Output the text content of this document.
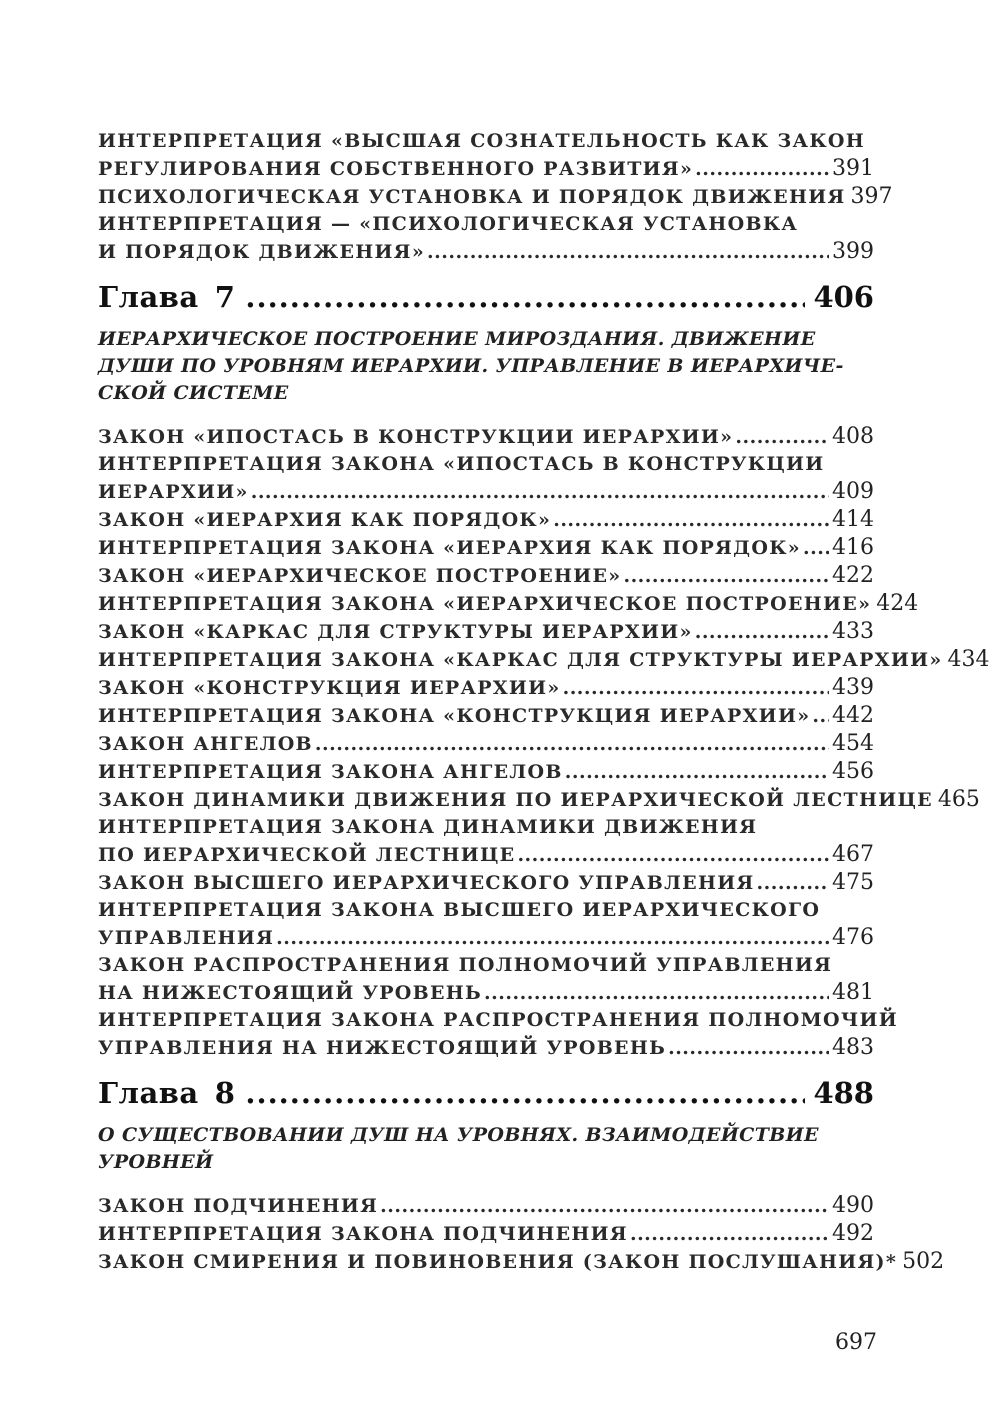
ИНТЕРПРЕТАЦИЯ «ВЫСШАЯ СОЗНАТЕЛЬНОСТЬ КАК ЗАКОН
РЕГУЛИРОВАНИЯ СОБСТВЕННОГО РАЗВИТИЯ» .....	391
ПСИХОЛОГИЧЕСКАЯ УСТАНОВКА И ПОРЯДОК ДВИЖЕНИЯ 397
ИНТЕРПРЕТАЦИЯ — «ПСИХОЛОГИЧЕСКАЯ УСТАНОВКА
И ПОРЯДОК ДВИЖЕНИЯ» .....	399
Глава 7 .....	406
ИЕРАРХИЧЕСКОЕ ПОСТРОЕНИЕ МИРОЗДАНИЯ. ДВИЖЕНИЕ
ДУШИ ПО УРОВНЯМ ИЕРАРХИИ. УПРАВЛЕНИЕ В ИЕРАРХИЧЕ-
СКОЙ СИСТЕМЕ
ЗАКОН «ИПОСТАСЬ В КОНСТРУКЦИИ ИЕРАРХИИ» .....	408
ИНТЕРПРЕТАЦИЯ ЗАКОНА «ИПОСТАСЬ В КОНСТРУКЦИИ
ИЕРАРХИИ» .....	409
ЗАКОН «ИЕРАРХИЯ КАК ПОРЯДОК» .....	414
ИНТЕРПРЕТАЦИЯ ЗАКОНА «ИЕРАРХИЯ КАК ПОРЯДОК» ..... 416
ЗАКОН «ИЕРАРХИЧЕСКОЕ ПОСТРОЕНИЕ» .....	422
ИНТЕРПРЕТАЦИЯ ЗАКОНА «ИЕРАРХИЧЕСКОЕ ПОСТРОЕНИЕ» 424
ЗАКОН «КАРКАС ДЛЯ СТРУКТУРЫ ИЕРАРХИИ» .....	433
ИНТЕРПРЕТАЦИЯ ЗАКОНА «КАРКАС ДЛЯ СТРУКТУРЫ ИЕРАРХИИ» 434
ЗАКОН «КОНСТРУКЦИЯ ИЕРАРХИИ» .....	439
ИНТЕРПРЕТАЦИЯ ЗАКОНА «КОНСТРУКЦИЯ ИЕРАРХИИ» ..... 442
ЗАКОН АНГЕЛОВ .....	454
ИНТЕРПРЕТАЦИЯ ЗАКОНА АНГЕЛОВ .....	456
ЗАКОН ДИНАМИКИ ДВИЖЕНИЯ ПО ИЕРАРХИЧЕСКОЙ ЛЕСТНИЦЕ 465
ИНТЕРПРЕТАЦИЯ ЗАКОНА ДИНАМИКИ ДВИЖЕНИЯ
ПО ИЕРАРХИЧЕСКОЙ ЛЕСТНИЦЕ .....	467
ЗАКОН ВЫСШЕГО ИЕРАРХИЧЕСКОГО УПРАВЛЕНИЯ .....	475
ИНТЕРПРЕТАЦИЯ ЗАКОНА ВЫСШЕГО ИЕРАРХИЧЕСКОГО
УПРАВЛЕНИЯ .....	476
ЗАКОН РАСПРОСТРАНЕНИЯ ПОЛНОМОЧИЙ УПРАВЛЕНИЯ
НА НИЖЕСТОЯЩИЙ УРОВЕНЬ .....	481
ИНТЕРПРЕТАЦИЯ ЗАКОНА РАСПРОСТРАНЕНИЯ ПОЛНОМОЧИЙ
УПРАВЛЕНИЯ НА НИЖЕСТОЯЩИЙ УРОВЕНЬ .....	483
Глава 8 .....	488
О СУЩЕСТВОВАНИИ ДУШ НА УРОВНЯХ. ВЗАИМОДЕЙСТВИЕ
УРОВНЕЙ
ЗАКОН ПОДЧИНЕНИЯ .....	490
ИНТЕРПРЕТАЦИЯ ЗАКОНА ПОДЧИНЕНИЯ .....	492
ЗАКОН СМИРЕНИЯ И ПОВИНОВЕНИЯ (ЗАКОН ПОСЛУШАНИЯ)* 502
697
